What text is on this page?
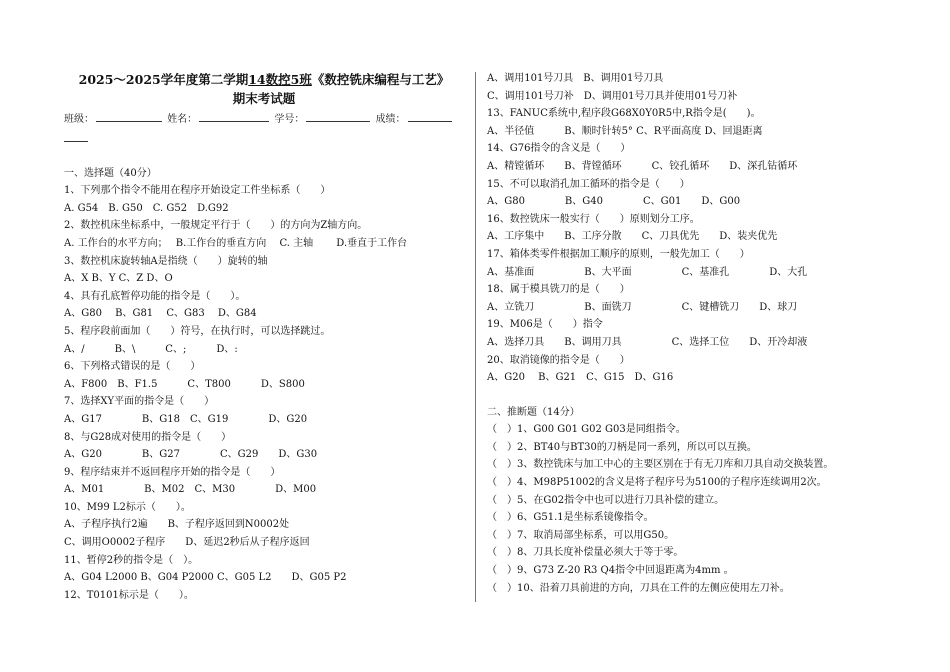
2025～2025学年度第二学期14数控5班《数控铣床编程与工艺》
期末考试题
班级：	姓名：	学号：	成绩：
一、选择题（40分）
1、下列那个指令不能用在程序开始设定工件坐标系（　　）
A. G54　B. G50　C. G52　D.G92
2、数控机床坐标系中，一般规定平行于（　　）的方向为Z轴方向。
A. 工作台的水平方向；　 B.工作台的垂直方向　 C. 主轴　　 D.垂直于工作台
3、数控机床旋转轴A是指绕（　　）旋转的轴
A、X B、Y C、Z D、O
4、具有孔底暂停功能的指令是（　　）。
A、G80　 B、G81　 C、G83　 D、G84
5、程序段前面加（　　）符号，在执行时，可以选择跳过。
A、/　　　B、\　　　C、;　　　D、:
6、下列格式错误的是（　　）
A、F800　B、F1.5　　　C、T800　　　D、S800
7、选择XY平面的指令是（　　）
A、G17　　　　B、G18　C、G19　　　　D、G20
8、与G28成对使用的指令是（　　）
A、G20　　　　B、G27　　　　C、G29　　D、G30
9、程序结束并不返回程序开始的指令是（　　）
A、M01　　　　B、M02　C、M30　　　　D、M00
10、M99 L2标示（　　）。
A、子程序执行2遍　　B、子程序返回到N0002处
C、调用O0002子程序　　D、延迟2秒后从子程序返回
11、暂停2秒的指令是（　）。
A、G04 L2000 B、G04 P2000 C、G05 L2　　D、G05 P2
12、T0101标示是（　　）。
A、调用101号刀具　B、调用01号刀具
C、调用101号刀补　D、调用01号刀具并使用01号刀补
13、FANUC系统中,程序段G68X0Y0R5中,R指令是(　　)。
A、半径值　　　B、顺时针转5° C、R平面高度 D、回退距离
14、G76指令的含义是（　　）
A、精镗循环　　B、背镗循环　　　C、铰孔循环　　D、深孔钻循环
15、不可以取消孔加工循环的指令是（　　）
A、G80　　　　B、G40　　　　C、G01　　D、G00
16、数控铣床一般实行（　　）原则划分工序。
A、工序集中　　B、工序分散　　C、刀具优先　　D、装夹优先
17、箱体类零件根据加工顺序的原则，一般先加工（　　）
A、基准面　　　　　B、大平面　　　　　C、基准孔　　　　D、大孔
18、属于模具铣刀的是（　　）
A、立铣刀　　　　　B、面铣刀　　　　　C、键槽铣刀　　D、球刀
19、M06是（　　）指令
A、选择刀具　　B、调用刀具　　　　　C、选择工位　　D、开冷却液
20、取消镜像的指令是（　　）
A、G20　 B、G21　C、G15　D、G16
二、推断题（14分）
（　）1、G00 G01 G02 G03是同组指令。
（　）2、BT40与BT30的刀柄是同一系列，所以可以互换。
（　）3、数控铣床与加工中心的主要区别在于有无刀库和刀具自动交换装置。
（　）4、M98P51002的含义是将子程序号为5100的子程序连续调用2次。
（　）5、在G02指令中也可以进行刀具补偿的建立。
（　）6、G51.1是坐标系镜像指令。
（　）7、取消局部坐标系，可以用G50。
（　）8、刀具长度补偿量必须大于等于零。
（　）9、G73 Z-20 R3 Q4指令中回退距离为4mm 。
（　）10、沿着刀具前进的方向，刀具在工件的左侧应使用左刀补。
